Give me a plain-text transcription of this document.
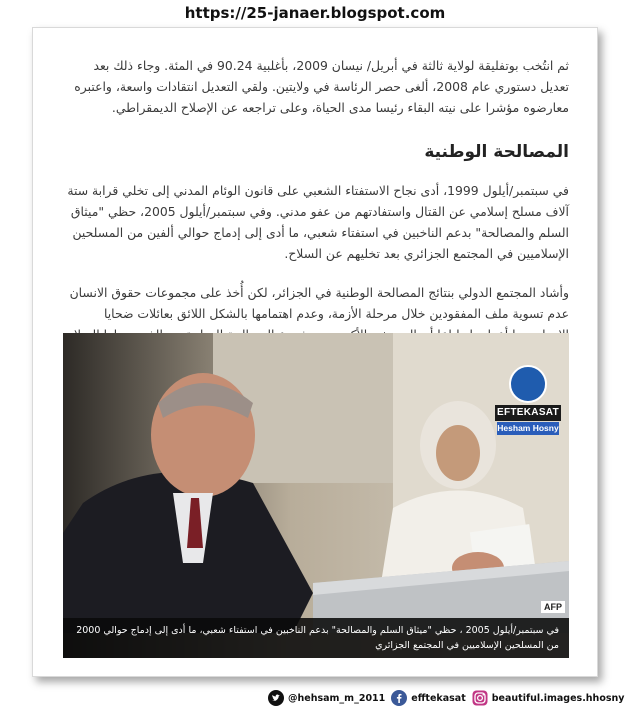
https://25-janaer.blogspot.com

ثم انتُخب بوتفليقة لولاية ثالثة في أبريل/ نيسان 2009، بأغلبية 90.24 في المئة. وجاء ذلك بعد تعديل دستوري عام 2008، ألغى حصر الرئاسة في ولايتين. ولقي التعديل انتقادات واسعة، واعتبره معارضوه مؤشرا على نيته البقاء رئيسا مدى الحياة، وعلى تراجعه عن الإصلاح الديمقراطي.

المصالحة الوطنية

في سبتمبر/أيلول 1999، أدى نجاح الاستفتاء الشعبي على قانون الوئام المدني إلى تخلي قرابة ستة آلاف مسلح إسلامي عن القتال واستفادتهم من عفو مدني. وفي سبتمبر/أيلول 2005، حظي "ميثاق السلم والمصالحة" بدعم الناخبين في استفتاء شعبي، ما أدى إلى إدماج حوالي ألفين من المسلحين الإسلاميين في المجتمع الجزائري بعد تخليهم عن السلاح.

وأشاد المجتمع الدولي بنتائج المصالحة الوطنية في الجزائر، لكن أُخذ على مجموعات حقوق الانسان عدم تسوية ملف المفقودين خلال مرحلة الأزمة، وعدم اهتمامها بالشكل اللائق بعائلات ضحايا

EFTEKASAT
Hesham Hosny
AFP
في سبتمبر/أيلول 2005 ، حظي "ميثاق السلم والمصالحة" بدعم الناخبين في استفتاء شعبي، ما أدى إلى إدماج حوالي 2000 من المسلحين الإسلاميين في المجتمع الجزائري
@hehsam_m_2011	efftekasat	beautiful.images.hhosny
